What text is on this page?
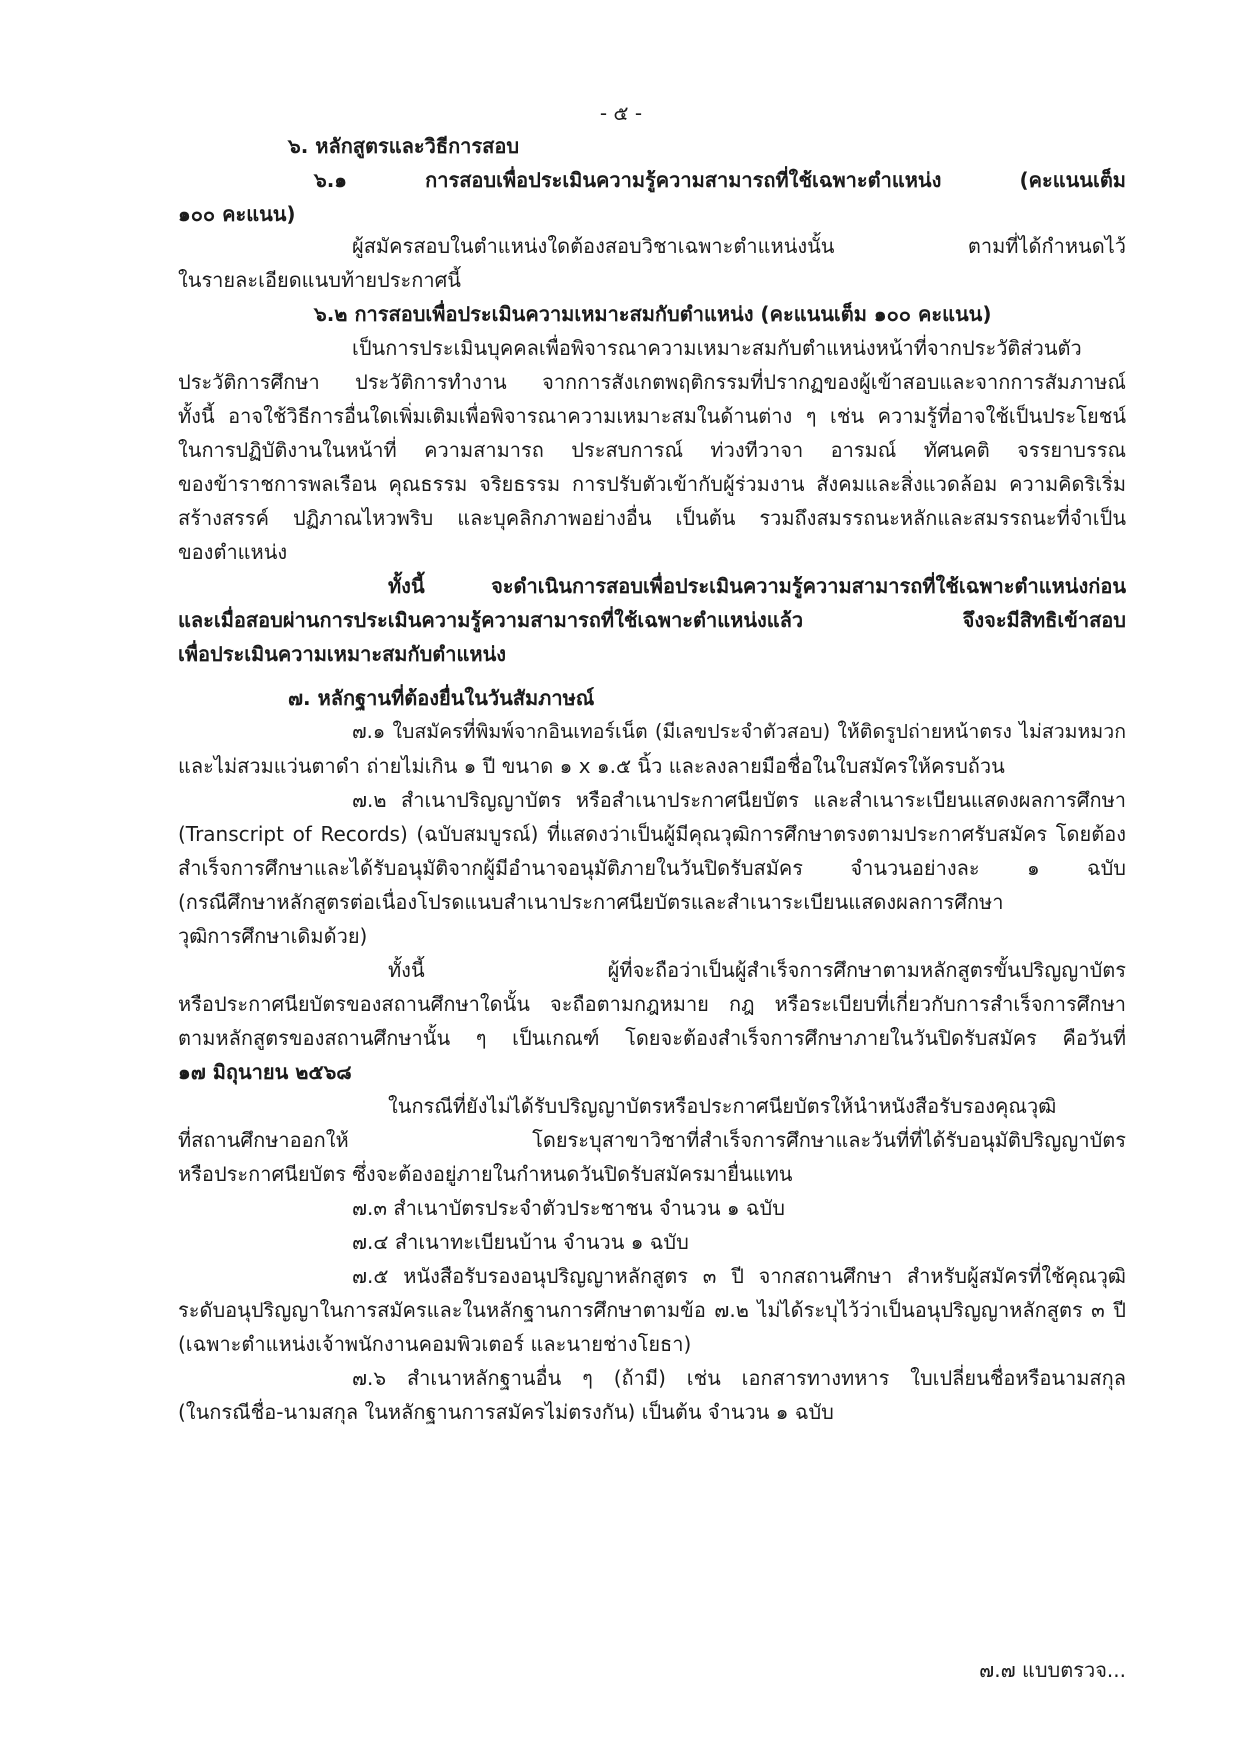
- ๕ -
๖. หลักสูตรและวิธีการสอบ
๖.๑ การสอบเพื่อประเมินความรู้ความสามารถที่ใช้เฉพาะตำแหน่ง (คะแนนเต็ม
๑๐๐ คะแนน)
ผู้สมัครสอบในตำแหน่งใดต้องสอบวิชาเฉพาะตำแหน่งนั้น ตามที่ได้กำหนดไว้
ในรายละเอียดแนบท้ายประกาศนี้
๖.๒ การสอบเพื่อประเมินความเหมาะสมกับตำแหน่ง (คะแนนเต็ม ๑๐๐ คะแนน)
เป็นการประเมินบุคคลเพื่อพิจารณาความเหมาะสมกับตำแหน่งหน้าที่จากประวัติส่วนตัว
ประวัติการศึกษา ประวัติการทำงาน จากการสังเกตพฤติกรรมที่ปรากฏของผู้เข้าสอบและจากการสัมภาษณ์
ทั้งนี้ อาจใช้วิธีการอื่นใดเพิ่มเติมเพื่อพิจารณาความเหมาะสมในด้านต่าง ๆ เช่น ความรู้ที่อาจใช้เป็นประโยชน์
ในการปฏิบัติงานในหน้าที่ ความสามารถ ประสบการณ์ ท่วงทีวาจา อารมณ์ ทัศนคติ จรรยาบรรณ
ของข้าราชการพลเรือน คุณธรรม จริยธรรม การปรับตัวเข้ากับผู้ร่วมงาน สังคมและสิ่งแวดล้อม ความคิดริเริ่ม
สร้างสรรค์ ปฏิภาณไหวพริบ และบุคลิกภาพอย่างอื่น เป็นต้น รวมถึงสมรรถนะหลักและสมรรถนะที่จำเป็น
ของตำแหน่ง
ทั้งนี้ จะดำเนินการสอบเพื่อประเมินความรู้ความสามารถที่ใช้เฉพาะตำแหน่งก่อน
และเมื่อสอบผ่านการประเมินความรู้ความสามารถที่ใช้เฉพาะตำแหน่งแล้ว จึงจะมีสิทธิเข้าสอบ
เพื่อประเมินความเหมาะสมกับตำแหน่ง
๗. หลักฐานที่ต้องยื่นในวันสัมภาษณ์
๗.๑ ใบสมัครที่พิมพ์จากอินเทอร์เน็ต (มีเลขประจำตัวสอบ) ให้ติดรูปถ่ายหน้าตรง ไม่สวมหมวก
และไม่สวมแว่นตาดำ ถ่ายไม่เกิน ๑ ปี ขนาด ๑ x ๑.๕ นิ้ว และลงลายมือชื่อในใบสมัครให้ครบถ้วน
๗.๒ สำเนาปริญญาบัตร หรือสำเนาประกาศนียบัตร และสำเนาระเบียนแสดงผลการศึกษา
(Transcript of Records) (ฉบับสมบูรณ์) ที่แสดงว่าเป็นผู้มีคุณวุฒิการศึกษาตรงตามประกาศรับสมัคร โดยต้อง
สำเร็จการศึกษาและได้รับอนุมัติจากผู้มีอำนาจอนุมัติภายในวันปิดรับสมัคร จำนวนอย่างละ ๑ ฉบับ
(กรณีศึกษาหลักสูตรต่อเนื่องโปรดแนบสำเนาประกาศนียบัตรและสำเนาระเบียนแสดงผลการศึกษา
วุฒิการศึกษาเดิมด้วย)
ทั้งนี้ ผู้ที่จะถือว่าเป็นผู้สำเร็จการศึกษาตามหลักสูตรขั้นปริญญาบัตร
หรือประกาศนียบัตรของสถานศึกษาใดนั้น จะถือตามกฎหมาย กฎ หรือระเบียบที่เกี่ยวกับการสำเร็จการศึกษา
ตามหลักสูตรของสถานศึกษานั้น ๆ เป็นเกณฑ์ โดยจะต้องสำเร็จการศึกษาภายในวันปิดรับสมัคร คือวันที่
๑๗ มิถุนายน ๒๕๖๘
ในกรณีที่ยังไม่ได้รับปริญญาบัตรหรือประกาศนียบัตรให้นำหนังสือรับรองคุณวุฒิ
ที่สถานศึกษาออกให้ โดยระบุสาขาวิชาที่สำเร็จการศึกษาและวันที่ที่ได้รับอนุมัติปริญญาบัตร
หรือประกาศนียบัตร ซึ่งจะต้องอยู่ภายในกำหนดวันปิดรับสมัครมายื่นแทน
๗.๓ สำเนาบัตรประจำตัวประชาชน จำนวน ๑ ฉบับ
๗.๔ สำเนาทะเบียนบ้าน จำนวน ๑ ฉบับ
๗.๕ หนังสือรับรองอนุปริญญาหลักสูตร ๓ ปี จากสถานศึกษา สำหรับผู้สมัครที่ใช้คุณวุฒิ
ระดับอนุปริญญาในการสมัครและในหลักฐานการศึกษาตามข้อ ๗.๒ ไม่ได้ระบุไว้ว่าเป็นอนุปริญญาหลักสูตร ๓ ปี
(เฉพาะตำแหน่งเจ้าพนักงานคอมพิวเตอร์ และนายช่างโยธา)
๗.๖ สำเนาหลักฐานอื่น ๆ (ถ้ามี) เช่น เอกสารทางทหาร ใบเปลี่ยนชื่อหรือนามสกุล
(ในกรณีชื่อ-นามสกุล ในหลักฐานการสมัครไม่ตรงกัน) เป็นต้น จำนวน ๑ ฉบับ
๗.๗ แบบตรวจ...
